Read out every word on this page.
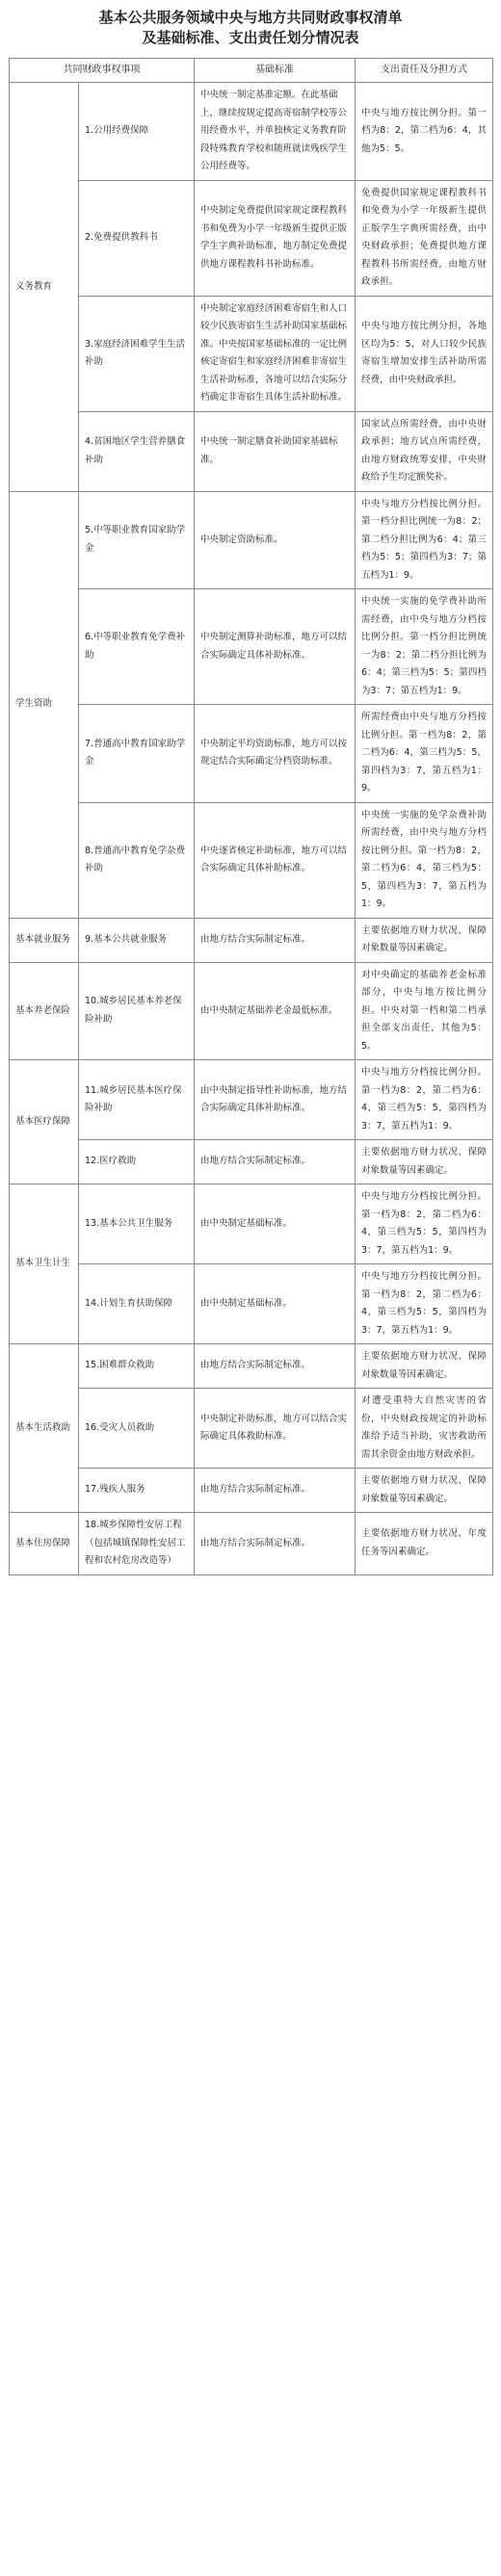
基本公共服务领域中央与地方共同财政事权清单
及基础标准、支出责任划分情况表
共同财政事权事项		基础标准	支出责任及分担方式
义务教育	1.公用经费保障	中央统一制定基准定额。在此基础上，继续按规定提高寄宿制学校等公用经费水平，并单独核定义务教育阶段特殊教育学校和随班就读残疾学生公用经费等。	中央与地方按比例分担。第一档为8：2，第二档为6：4，其他为5：5。
	2.免费提供教科书	中央制定免费提供国家规定课程教科书和免费为小学一年级新生提供正版学生字典补助标准，地方制定免费提供地方课程教科书补助标准。	免费提供国家规定课程教科书和免费为小学一年级新生提供正版学生字典所需经费，由中央财政承担；免费提供地方课程教科书所需经费，由地方财政承担。
	3.家庭经济困难学生生活补助	中央制定家庭经济困难寄宿生和人口较少民族寄宿生生活补助国家基础标准。中央按国家基础标准的一定比例核定寄宿生和家庭经济困难非寄宿生生活补助标准，各地可以结合实际分档确定非寄宿生具体生活补助标准。	中央与地方按比例分担，各地区均为5：5，对人口较少民族寄宿生增加安排生活补助所需经费，由中央财政承担。
	4.贫困地区学生营养膳食补助	中央统一制定膳食补助国家基础标准。	国家试点所需经费，由中央财政承担；地方试点所需经费，由地方财政统筹安排，中央财政给予生均定额奖补。
学生资助	5.中等职业教育国家助学金	中央制定资助标准。	中央与地方分档按比例分担。第一档分担比例统一为8：2；第二档分担比例为6：4；第三档为5：5；第四档为3：7；第五档为1：9。
	6.中等职业教育免学费补助	中央制定测算补助标准，地方可以结合实际确定具体补助标准。	中央统一实施的免学费补助所需经费，由中央与地方分档按比例分担。第一档分担比例统一为8：2；第二档分担比例为6：4；第三档为5：5；第四档为3：7；第五档为1：9。
	7.普通高中教育国家助学金	中央制定平均资助标准，地方可以按规定结合实际确定分档资助标准。	所需经费由中央与地方分档按比例分担。第一档为8：2，第二档为6：4，第三档为5：5，第四档为3：7，第五档为1：9。
	8.普通高中教育免学杂费补助	中央逐省核定补助标准，地方可以结合实际确定具体补助标准。	中央统一实施的免学杂费补助所需经费，由中央与地方分档按比例分担。第一档为8：2，第二档为6：4，第三档为5：5，第四档为3：7，第五档为1：9。
基本就业服务	9.基本公共就业服务	由地方结合实际制定标准。	主要依据地方财力状况、保障对象数量等因素确定。
基本养老保险	10.城乡居民基本养老保险补助	由中央制定基础养老金最低标准。	对中央确定的基础养老金标准部分，中央与地方按比例分担。中央对第一档和第二档承担全部支出责任，其他为5：5。
基本医疗保障	11.城乡居民基本医疗保险补助	由中央制定指导性补助标准，地方结合实际确定具体补助标准。	中央与地方分档按比例分担。第一档为8：2，第二档为6：4，第三档为5：5，第四档为3：7，第五档为1：9。
	12.医疗救助	由地方结合实际制定标准。	主要依据地方财力状况、保障对象数量等因素确定。
基本卫生计生	13.基本公共卫生服务	由中央制定基础标准。	中央与地方分档按比例分担。第一档为8：2，第二档为6：4，第三档为5：5，第四档为3：7，第五档为1：9。
	14.计划生育扶助保障	由中央制定基础标准。	中央与地方分档按比例分担。第一档为8：2，第二档为6：4，第三档为5：5，第四档为3：7，第五档为1：9。
基本生活救助	15.困难群众救助	由地方结合实际制定标准。	主要依据地方财力状况、保障对象数量等因素确定。
	16.受灾人员救助	中央制定补助标准，地方可以结合实际确定具体救助标准。	对遭受重特大自然灾害的省份，中央财政按规定的补助标准给予适当补助，灾害救助所需其余资金由地方财政承担。
	17.残疾人服务	由地方结合实际制定标准。	主要依据地方财力状况、保障对象数量等因素确定。
基本住房保障	18.城乡保障性安居工程（包括城镇保障性安居工程和农村危房改造等）	由地方结合实际制定标准。	主要依据地方财力状况、年度任务等因素确定。
